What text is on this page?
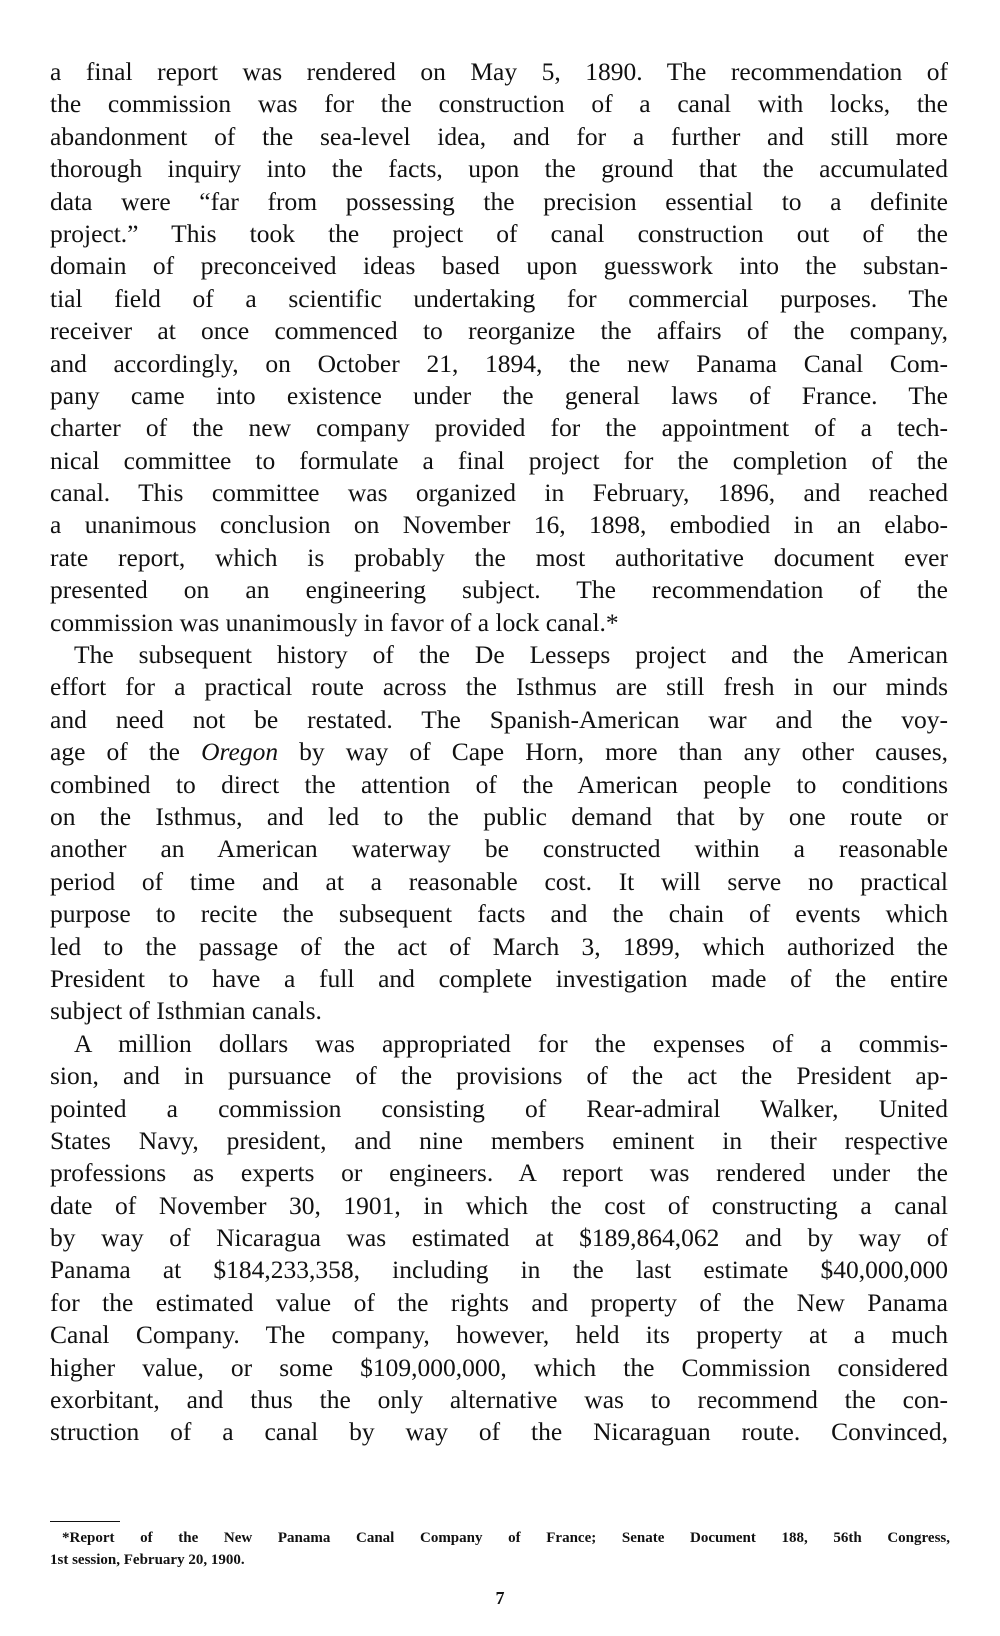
a final report was rendered on May 5, 1890. The recommendation of
the commission was for the construction of a canal with locks, the
abandonment of the sea-level idea, and for a further and still more
thorough inquiry into the facts, upon the ground that the accumulated
data were “far from possessing the precision essential to a definite
project.” This took the project of canal construction out of the
domain of preconceived ideas based upon guesswork into the substan-
tial field of a scientific undertaking for commercial purposes. The
receiver at once commenced to reorganize the affairs of the company,
and accordingly, on October 21, 1894, the new Panama Canal Com-
pany came into existence under the general laws of France. The
charter of the new company provided for the appointment of a tech-
nical committee to formulate a final project for the completion of the
canal. This committee was organized in February, 1896, and reached
a unanimous conclusion on November 16, 1898, embodied in an elabo-
rate report, which is probably the most authoritative document ever
presented on an engineering subject. The recommendation of the
commission was unanimously in favor of a lock canal.*
The subsequent history of the De Lesseps project and the American
effort for a practical route across the Isthmus are still fresh in our minds
and need not be restated. The Spanish-American war and the voy-
age of the Oregon by way of Cape Horn, more than any other causes,
combined to direct the attention of the American people to conditions
on the Isthmus, and led to the public demand that by one route or
another an American waterway be constructed within a reasonable
period of time and at a reasonable cost. It will serve no practical
purpose to recite the subsequent facts and the chain of events which
led to the passage of the act of March 3, 1899, which authorized the
President to have a full and complete investigation made of the entire
subject of Isthmian canals.
A million dollars was appropriated for the expenses of a commis-
sion, and in pursuance of the provisions of the act the President ap-
pointed a commission consisting of Rear-admiral Walker, United
States Navy, president, and nine members eminent in their respective
professions as experts or engineers. A report was rendered under the
date of November 30, 1901, in which the cost of constructing a canal
by way of Nicaragua was estimated at $189,864,062 and by way of
Panama at $184,233,358, including in the last estimate $40,000,000
for the estimated value of the rights and property of the New Panama
Canal Company. The company, however, held its property at a much
higher value, or some $109,000,000, which the Commission considered
exorbitant, and thus the only alternative was to recommend the con-
struction of a canal by way of the Nicaraguan route. Convinced,
*Report of the New Panama Canal Company of France; Senate Document 188, 56th Congress,
1st session, February 20, 1900.
7
